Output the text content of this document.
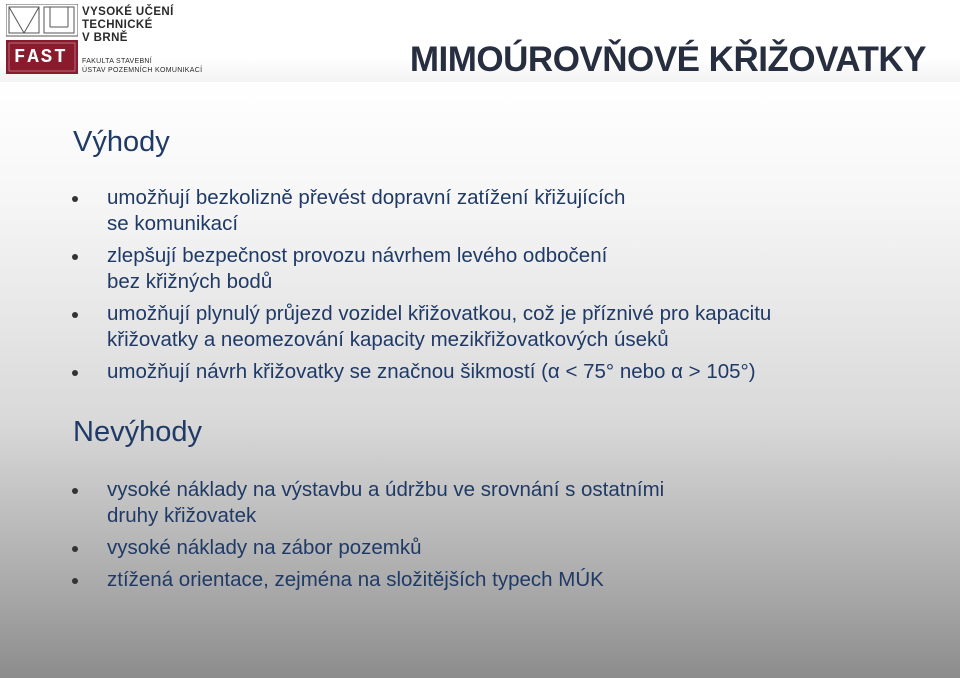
FAST
VYSOKÉ UČENÍ
TECHNICKÉ
V BRNĚ
FAKULTA STAVEBNÍ
ÚSTAV POZEMNÍCH KOMUNIKACÍ	MIMOÚROVŇOVÉ KŘIŽOVATKY
Výhody
umožňují bezkolizně převést dopravní zatížení křižujících
se komunikací
zlepšují bezpečnost provozu návrhem levého odbočení
bez křižných bodů
umožňují plynulý průjezd vozidel křižovatkou, což je příznivé pro kapacitu
křižovatky a neomezování kapacity mezikřižovatkových úseků
umožňují návrh křižovatky se značnou šikmostí (α < 75° nebo α > 105°)
Nevýhody
vysoké náklady na výstavbu a údržbu ve srovnání s ostatními
druhy křižovatek
vysoké náklady na zábor pozemků
ztížená orientace, zejména na složitějších typech MÚK
